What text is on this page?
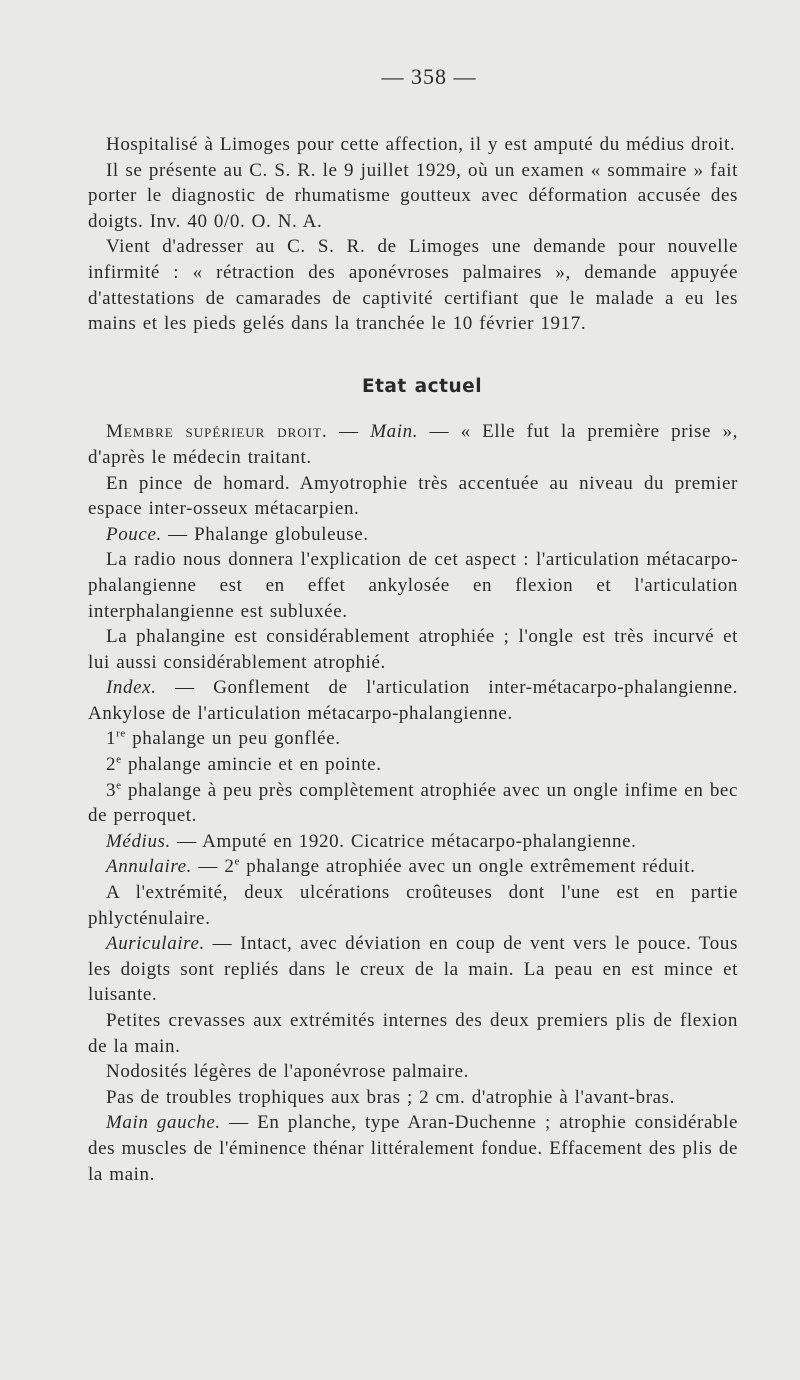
— 358 —

Hospitalisé à Limoges pour cette affection, il y est amputé du médius droit.

Il se présente au C. S. R. le 9 juillet 1929, où un examen « sommaire » fait porter le diagnostic de rhumatisme goutteux avec déformation accusée des doigts. Inv. 40 0/0. O. N. A.

Vient d'adresser au C. S. R. de Limoges une demande pour nouvelle infirmité : « rétraction des aponévroses palmaires », demande appuyée d'attestations de camarades de captivité certifiant que le malade a eu les mains et les pieds gelés dans la tranchée le 10 février 1917.

Etat actuel

Membre supérieur droit. — Main. — « Elle fut la première prise », d'après le médecin traitant.

En pince de homard. Amyotrophie très accentuée au niveau du premier espace inter-osseux métacarpien.

Pouce. — Phalange globuleuse.

La radio nous donnera l'explication de cet aspect : l'articulation métacarpo-phalangienne est en effet ankylosée en flexion et l'articulation interphalangienne est subluxée.

La phalangine est considérablement atrophiée ; l'ongle est très incurvé et lui aussi considérablement atrophié.

Index. — Gonflement de l'articulation inter-métacarpo-phalangienne. Ankylose de l'articulation métacarpo-phalangienne.

1re phalange un peu gonflée.

2e phalange amincie et en pointe.

3e phalange à peu près complètement atrophiée avec un ongle infime en bec de perroquet.

Médius. — Amputé en 1920. Cicatrice métacarpo-phalangienne.

Annulaire. — 2e phalange atrophiée avec un ongle extrêmement réduit.

A l'extrémité, deux ulcérations croûteuses dont l'une est en partie phlycténulaire.

Auriculaire. — Intact, avec déviation en coup de vent vers le pouce. Tous les doigts sont repliés dans le creux de la main. La peau en est mince et luisante.

Petites crevasses aux extrémités internes des deux premiers plis de flexion de la main.

Nodosités légères de l'aponévrose palmaire.

Pas de troubles trophiques aux bras ; 2 cm. d'atrophie à l'avant-bras.

Main gauche. — En planche, type Aran-Duchenne ; atrophie considérable des muscles de l'éminence thénar littéralement fondue. Effacement des plis de la main.
